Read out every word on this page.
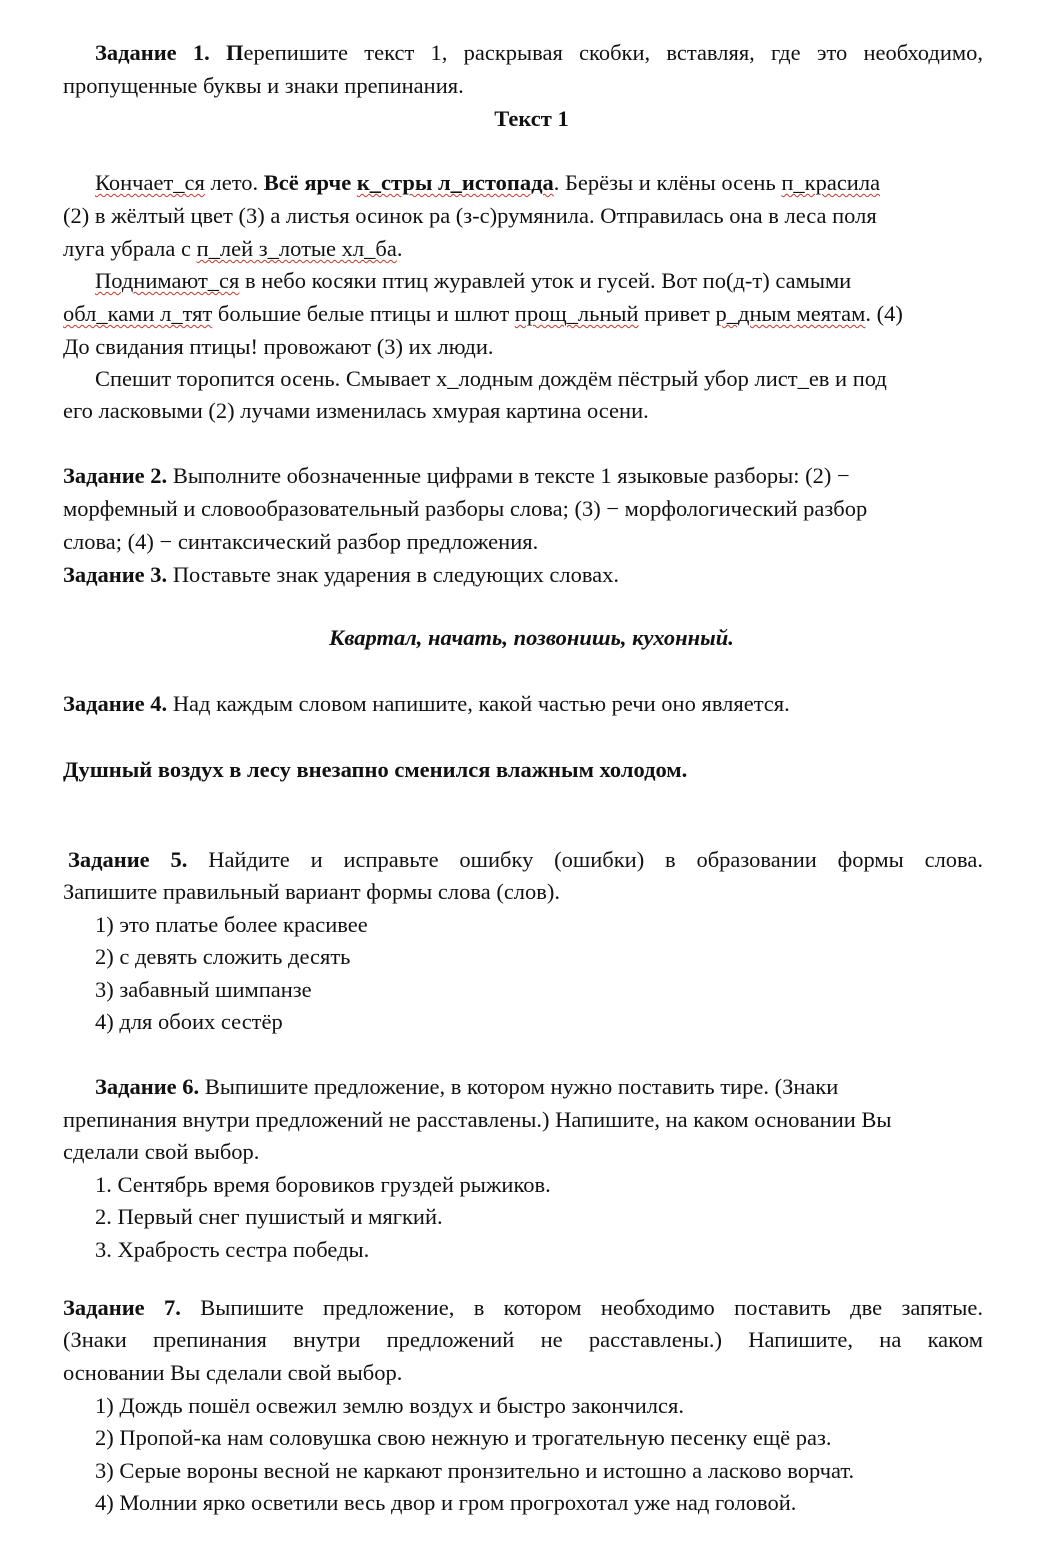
Задание 1. Перепишите текст 1, раскрывая скобки, вставляя, где это необходимо,
пропущенные буквы и знаки препинания.
Текст 1
Кончает_ся лето. Всё ярче к_стры л_истопада. Берёзы и клёны осень п_красила
(2) в жёлтый цвет (3) а листья осинок ра (з-с)румянила. Отправилась она в леса поля
луга убрала с п_лей з_лотые хл_ба.
Поднимают_ся в небо косяки птиц журавлей уток и гусей. Вот по(д-т) самыми
обл_ками л_тят большие белые птицы и шлют прощ_льный привет р_дным меятам. (4)
До свидания птицы! провожают (3) их люди.
Спешит торопится осень. Смывает х_лодным дождём пёстрый убор лист_ев и под
его ласковыми (2) лучами изменилась хмурая картина осени.
Задание 2. Выполните обозначенные цифрами в тексте 1 языковые разборы: (2) −
морфемный и словообразовательный разборы слова; (3) − морфологический разбор
слова; (4) − синтаксический разбор предложения.
Задание 3. Поставьте знак ударения в следующих словах.
Квартал, начать, позвонишь, кухонный.
Задание 4. Над каждым словом напишите, какой частью речи оно является.
Душный воздух в лесу внезапно сменился влажным холодом.
Задание 5. Найдите и исправьте ошибку (ошибки) в образовании формы слова.
Запишите правильный вариант формы слова (слов).
1) это платье более красивее
2) с девять сложить десять
3) забавный шимпанзе
4) для обоих сестёр
Задание 6. Выпишите предложение, в котором нужно поставить тире. (Знаки
препинания внутри предложений не расставлены.) Напишите, на каком основании Вы
сделали свой выбор.
1. Сентябрь время боровиков груздей рыжиков.
2. Первый снег пушистый и мягкий.
3. Храбрость сестра победы.
Задание 7. Выпишите предложение, в котором необходимо поставить две запятые.
(Знаки препинания внутри предложений не расставлены.) Напишите, на каком
основании Вы сделали свой выбор.
1) Дождь пошёл освежил землю воздух и быстро закончился.
2) Пропой-ка нам соловушка свою нежную и трогательную песенку ещё раз.
3) Серые вороны весной не каркают пронзительно и истошно а ласково ворчат.
4) Молнии ярко осветили весь двор и гром прогрохотал уже над головой.
